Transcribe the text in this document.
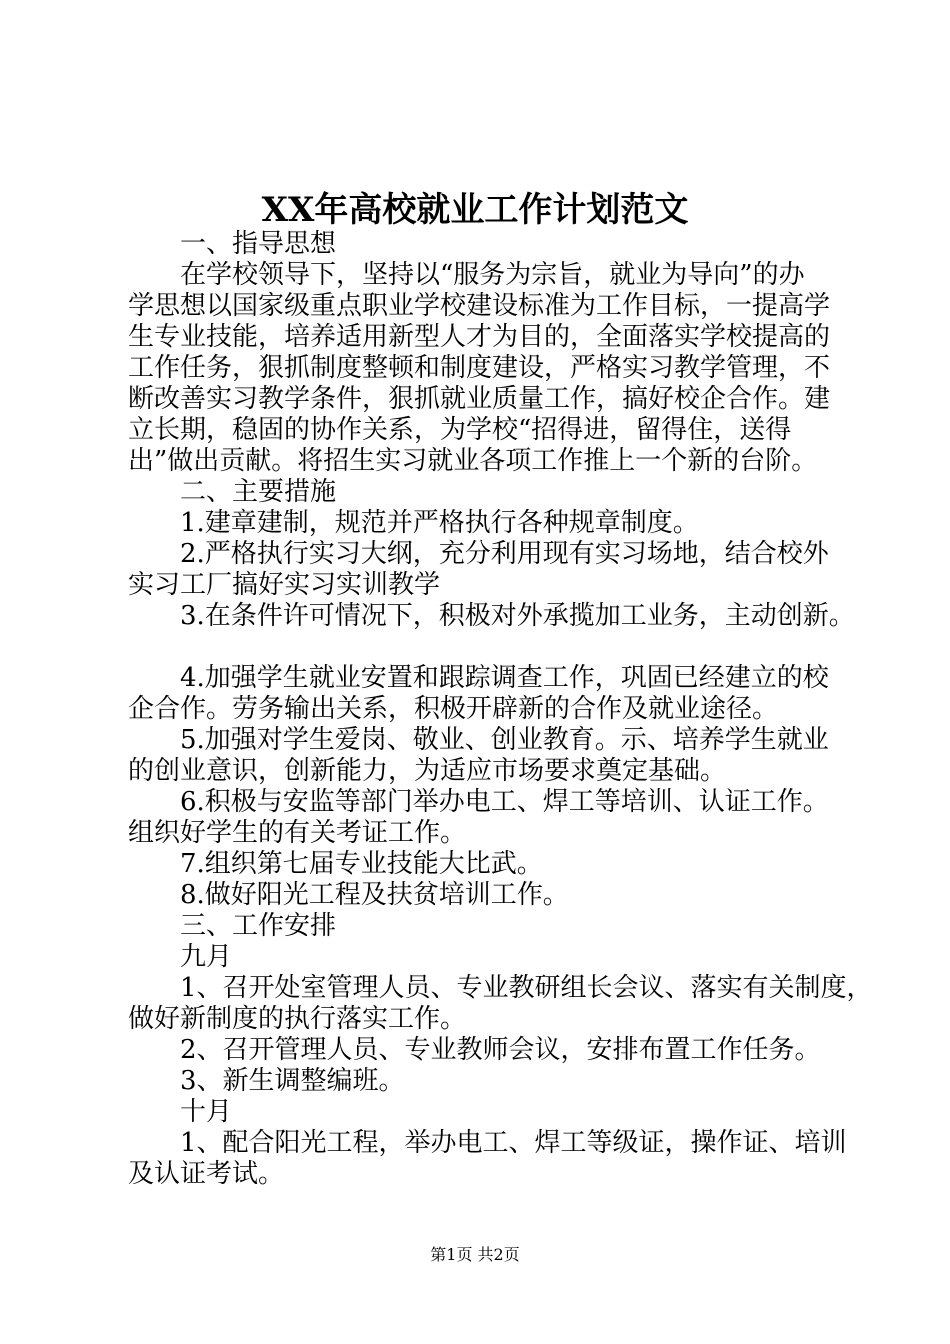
XX年高校就业工作计划范文
一、指导思想
在学校领导下，坚持以“服务为宗旨，就业为导向”的办
学思想以国家级重点职业学校建设标准为工作目标，一提高学
生专业技能，培养适用新型人才为目的，全面落实学校提高的
工作任务，狠抓制度整顿和制度建设，严格实习教学管理，不
断改善实习教学条件，狠抓就业质量工作，搞好校企合作。建
立长期，稳固的协作关系，为学校“招得进，留得住，送得
出”做出贡献。将招生实习就业各项工作推上一个新的台阶。
二、主要措施
1.建章建制，规范并严格执行各种规章制度。
2.严格执行实习大纲，充分利用现有实习场地，结合校外
实习工厂搞好实习实训教学
3.在条件许可情况下，积极对外承揽加工业务，主动创新。
4.加强学生就业安置和跟踪调查工作，巩固已经建立的校
企合作。劳务输出关系，积极开辟新的合作及就业途径。
5.加强对学生爱岗、敬业、创业教育。示、培养学生就业
的创业意识，创新能力，为适应市场要求奠定基础。
6.积极与安监等部门举办电工、焊工等培训、认证工作。
组织好学生的有关考证工作。
7.组织第七届专业技能大比武。
8.做好阳光工程及扶贫培训工作。
三、工作安排
九月
1、召开处室管理人员、专业教研组长会议、落实有关制度，
做好新制度的执行落实工作。
2、召开管理人员、专业教师会议，安排布置工作任务。
3、新生调整编班。
十月
1、配合阳光工程，举办电工、焊工等级证，操作证、培训
及认证考试。
第1页 共2页
